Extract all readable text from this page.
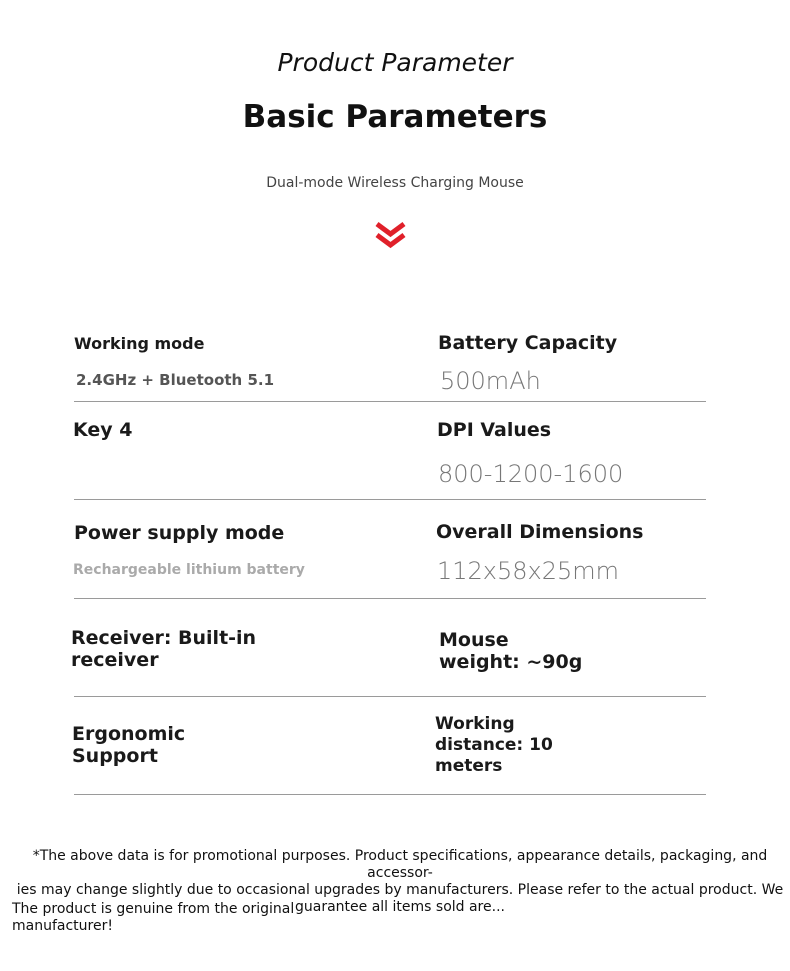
Product Parameter
Basic Parameters
Dual-mode Wireless Charging Mouse
Working mode
2.4GHz + Bluetooth 5.1
Battery Capacity
500mAh
Key 4	DPI Values
800-1200-1600
Power supply mode
Rechargeable lithium battery
Overall Dimensions
112x58x25mm
Receiver: Built-in
receiver
Mouse
weight: ~90g
Ergonomic
Support
Working
distance: 10
meters
*The above data is for promotional purposes. Product specifications, appearance details, packaging, and accessor-
ies may change slightly due to occasional upgrades by manufacturers. Please refer to the actual product. We
guarantee all items sold are...
The product is genuine from the original
manufacturer!
